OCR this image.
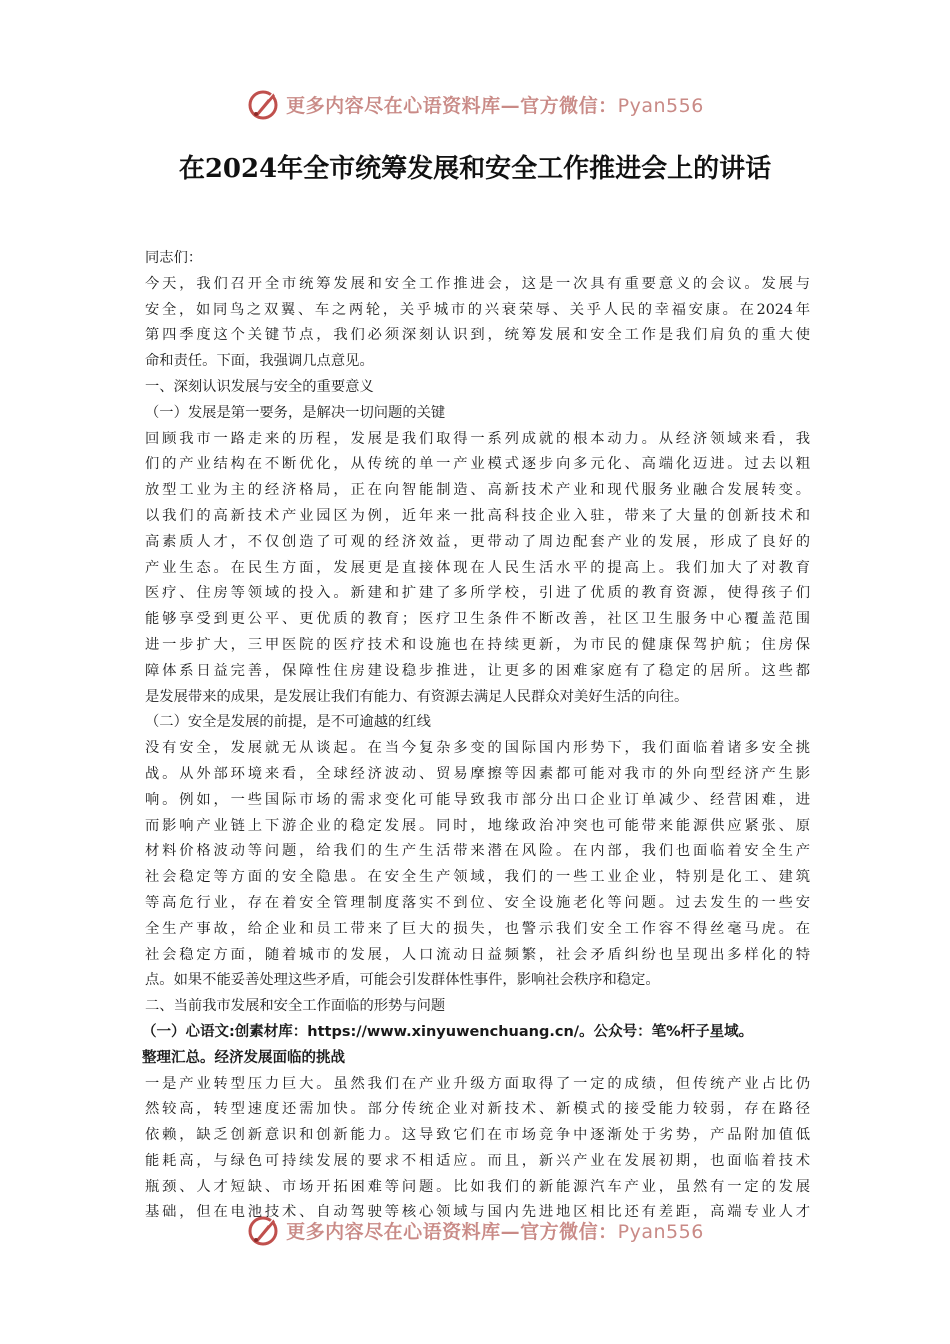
更多内容尽在心语资料库—官方微信：Pyan556
在2024年全市统筹发展和安全工作推进会上的讲话
同志们：
今天，我们召开全市统筹发展和安全工作推进会，这是一次具有重要意义的会议。发展与
安全，如同鸟之双翼、车之两轮，关乎城市的兴衰荣辱、关乎人民的幸福安康。在2024年
第四季度这个关键节点，我们必须深刻认识到，统筹发展和安全工作是我们肩负的重大使
命和责任。下面，我强调几点意见。
一、深刻认识发展与安全的重要意义
（一）发展是第一要务，是解决一切问题的关键
回顾我市一路走来的历程，发展是我们取得一系列成就的根本动力。从经济领域来看，我
们的产业结构在不断优化，从传统的单一产业模式逐步向多元化、高端化迈进。过去以粗
放型工业为主的经济格局，正在向智能制造、高新技术产业和现代服务业融合发展转变。
以我们的高新技术产业园区为例，近年来一批高科技企业入驻，带来了大量的创新技术和
高素质人才，不仅创造了可观的经济效益，更带动了周边配套产业的发展，形成了良好的
产业生态。在民生方面，发展更是直接体现在人民生活水平的提高上。我们加大了对教育
医疗、住房等领域的投入。新建和扩建了多所学校，引进了优质的教育资源，使得孩子们
能够享受到更公平、更优质的教育；医疗卫生条件不断改善，社区卫生服务中心覆盖范围
进一步扩大，三甲医院的医疗技术和设施也在持续更新，为市民的健康保驾护航；住房保
障体系日益完善，保障性住房建设稳步推进，让更多的困难家庭有了稳定的居所。这些都
是发展带来的成果，是发展让我们有能力、有资源去满足人民群众对美好生活的向往。
（二）安全是发展的前提，是不可逾越的红线
没有安全，发展就无从谈起。在当今复杂多变的国际国内形势下，我们面临着诸多安全挑
战。从外部环境来看，全球经济波动、贸易摩擦等因素都可能对我市的外向型经济产生影
响。例如，一些国际市场的需求变化可能导致我市部分出口企业订单减少、经营困难，进
而影响产业链上下游企业的稳定发展。同时，地缘政治冲突也可能带来能源供应紧张、原
材料价格波动等问题，给我们的生产生活带来潜在风险。在内部，我们也面临着安全生产
社会稳定等方面的安全隐患。在安全生产领域，我们的一些工业企业，特别是化工、建筑
等高危行业，存在着安全管理制度落实不到位、安全设施老化等问题。过去发生的一些安
全生产事故，给企业和员工带来了巨大的损失，也警示我们安全工作容不得丝毫马虎。在
社会稳定方面，随着城市的发展，人口流动日益频繁，社会矛盾纠纷也呈现出多样化的特
点。如果不能妥善处理这些矛盾，可能会引发群体性事件，影响社会秩序和稳定。
二、当前我市发展和安全工作面临的形势与问题
（一）心语文:创素材库：https://www.xinyuwenchuang.cn/。公众号：笔%杆子星域。
整理汇总。经济发展面临的挑战
一是产业转型压力巨大。虽然我们在产业升级方面取得了一定的成绩，但传统产业占比仍
然较高，转型速度还需加快。部分传统企业对新技术、新模式的接受能力较弱，存在路径
依赖，缺乏创新意识和创新能力。这导致它们在市场竞争中逐渐处于劣势，产品附加值低
能耗高，与绿色可持续发展的要求不相适应。而且，新兴产业在发展初期，也面临着技术
瓶颈、人才短缺、市场开拓困难等问题。比如我们的新能源汽车产业，虽然有一定的发展
基础，但在电池技术、自动驾驶等核心领域与国内先进地区相比还有差距，高端专业人才
更多内容尽在心语资料库—官方微信：Pyan556
